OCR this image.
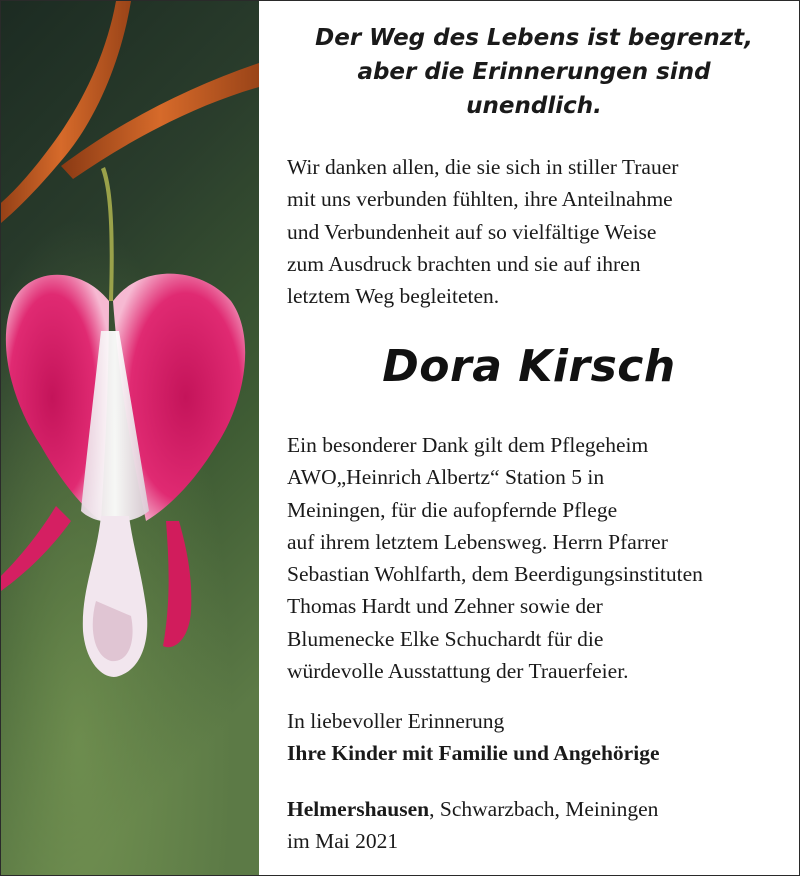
Der Weg des Lebens ist begrenzt,
aber die Erinnerungen sind
unendlich.
Wir danken allen, die sie sich in stiller Trauer
mit uns verbunden fühlten, ihre Anteilnahme
und Verbundenheit auf so vielfältige Weise
zum Ausdruck brachten und sie auf ihren
letztem Weg begleiteten.
Dora Kirsch
Ein besonderer Dank gilt dem Pflegeheim
AWO„Heinrich Albertz“ Station 5 in
Meiningen, für die aufopfernde Pflege
auf ihrem letztem Lebensweg. Herrn Pfarrer
Sebastian Wohlfarth, dem Beerdigungsinstituten
Thomas Hardt und Zehner sowie der
Blumenecke Elke Schuchardt für die
würdevolle Ausstattung der Trauerfeier.
In liebevoller Erinnerung
Ihre Kinder mit Familie und Angehörige
Helmershausen, Schwarzbach, Meiningen
im Mai 2021
